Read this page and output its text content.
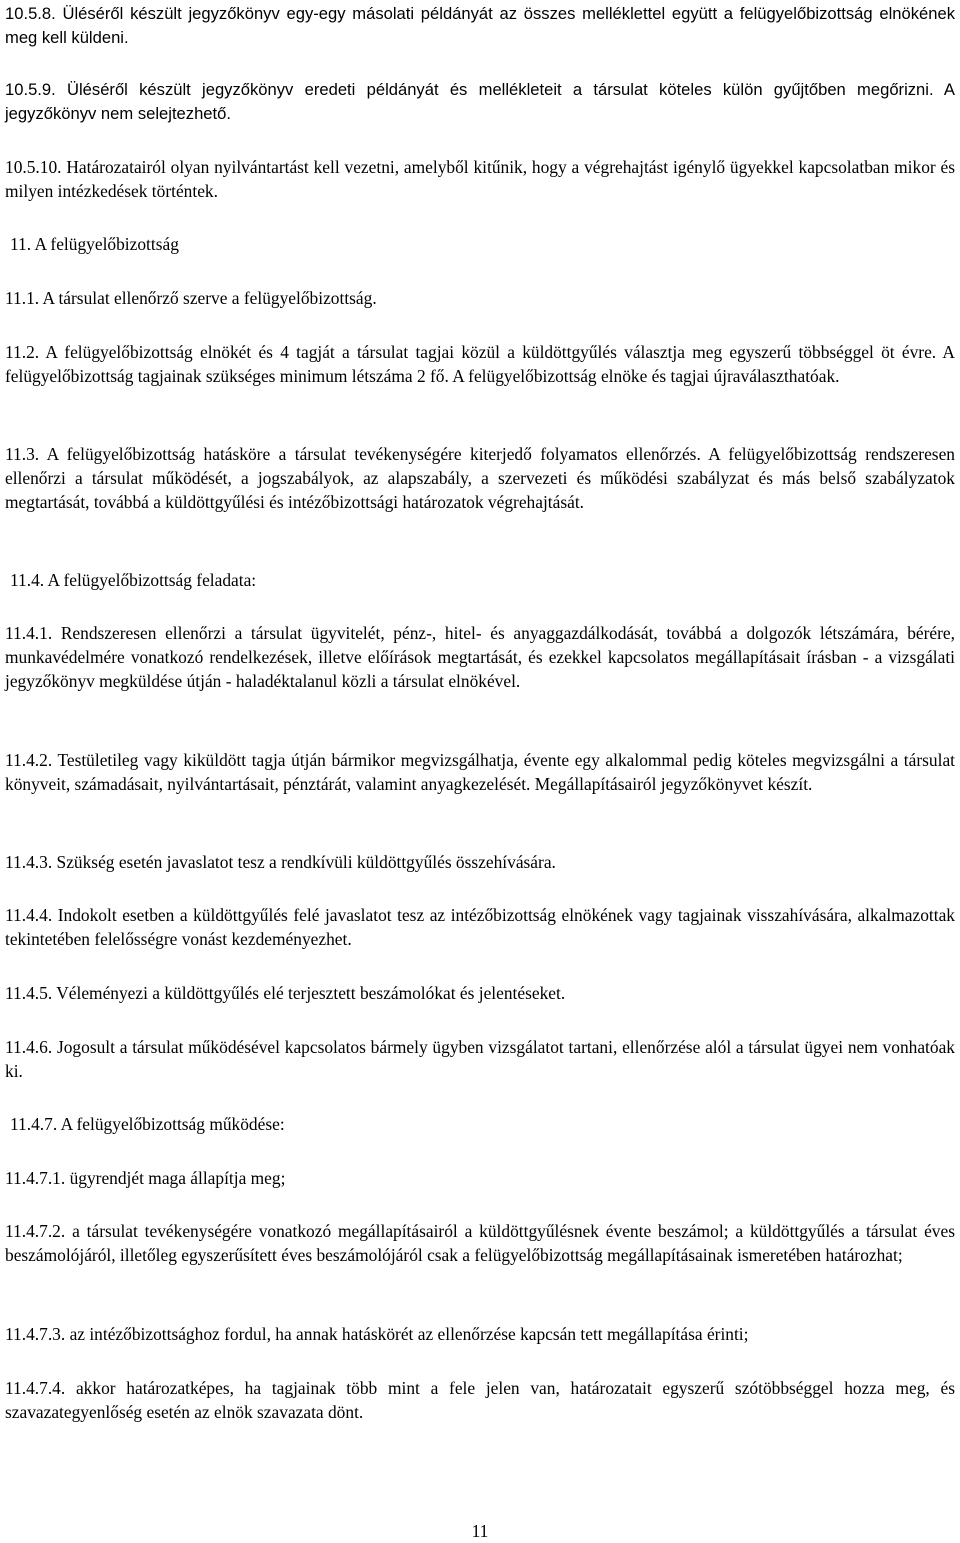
10.5.8. Üléséről készült jegyzőkönyv egy-egy másolati példányát az összes melléklettel együtt a felügyelőbizottság elnökének meg kell küldeni.

10.5.9. Üléséről készült jegyzőkönyv eredeti példányát és mellékleteit a társulat köteles külön gyűjtőben megőrizni. A jegyzőkönyv nem selejtezhető.

10.5.10. Határozatairól olyan nyilvántartást kell vezetni, amelyből kitűnik, hogy a végrehajtást igénylő ügyekkel kapcsolatban mikor és milyen intézkedések történtek.

11. A felügyelőbizottság

11.1. A társulat ellenőrző szerve a felügyelőbizottság.

11.2. A felügyelőbizottság elnökét és 4 tagját a társulat tagjai közül a küldöttgyűlés választja meg egyszerű többséggel öt évre. A felügyelőbizottság tagjainak szükséges minimum létszáma 2 fő. A felügyelőbizottság elnöke és tagjai újraválaszthatóak.

11.3. A felügyelőbizottság hatásköre a társulat tevékenységére kiterjedő folyamatos ellenőrzés. A felügyelőbizottság rendszeresen ellenőrzi a társulat működését, a jogszabályok, az alapszabály, a szervezeti és működési szabályzat és más belső szabályzatok megtartását, továbbá a küldöttgyűlési és intézőbizottsági határozatok végrehajtását.

11.4. A felügyelőbizottság feladata:

11.4.1. Rendszeresen ellenőrzi a társulat ügyvitelét, pénz-, hitel- és anyaggazdálkodását, továbbá a dolgozók létszámára, bérére, munkavédelmére vonatkozó rendelkezések, illetve előírások megtartását, és ezekkel kapcsolatos megállapításait írásban - a vizsgálati jegyzőkönyv megküldése útján - haladéktalanul közli a társulat elnökével.

11.4.2. Testületileg vagy kiküldött tagja útján bármikor megvizsgálhatja, évente egy alkalommal pedig köteles megvizsgálni a társulat könyveit, számadásait, nyilvántartásait, pénztárát, valamint anyagkezelését. Megállapításairól jegyzőkönyvet készít.

11.4.3. Szükség esetén javaslatot tesz a rendkívüli küldöttgyűlés összehívására.

11.4.4. Indokolt esetben a küldöttgyűlés felé javaslatot tesz az intézőbizottság elnökének vagy tagjainak visszahívására, alkalmazottak tekintetében felelősségre vonást kezdeményezhet.

11.4.5. Véleményezi a küldöttgyűlés elé terjesztett beszámolókat és jelentéseket.

11.4.6. Jogosult a társulat működésével kapcsolatos bármely ügyben vizsgálatot tartani, ellenőrzése alól a társulat ügyei nem vonhatóak ki.

11.4.7. A felügyelőbizottság működése:

11.4.7.1. ügyrendjét maga állapítja meg;

11.4.7.2. a társulat tevékenységére vonatkozó megállapításairól a küldöttgyűlésnek évente beszámol; a küldöttgyűlés a társulat éves beszámolójáról, illetőleg egyszerűsített éves beszámolójáról csak a felügyelőbizottság megállapításainak ismeretében határozhat;

11.4.7.3. az intézőbizottsághoz fordul, ha annak hatáskörét az ellenőrzése kapcsán tett megállapítása érinti;

11.4.7.4. akkor határozatképes, ha tagjainak több mint a fele jelen van, határozatait egyszerű szótöbbséggel hozza meg, és szavazategyenlőség esetén az elnök szavazata dönt.

11
